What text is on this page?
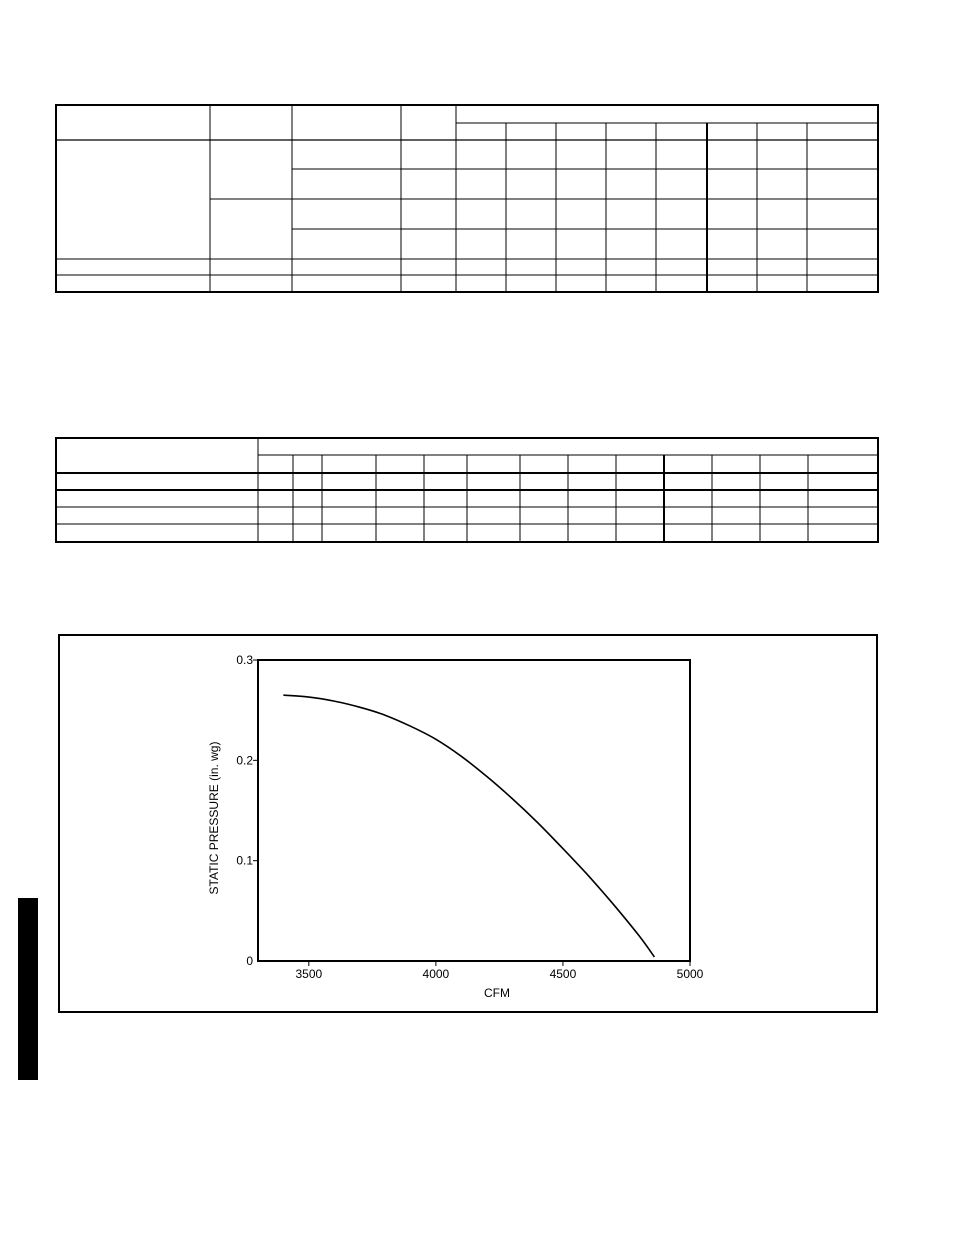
0
0.1
0.2
0.3
3500	4000	4500	5000
STATIC PRESSURE (in. wg)
CFM
